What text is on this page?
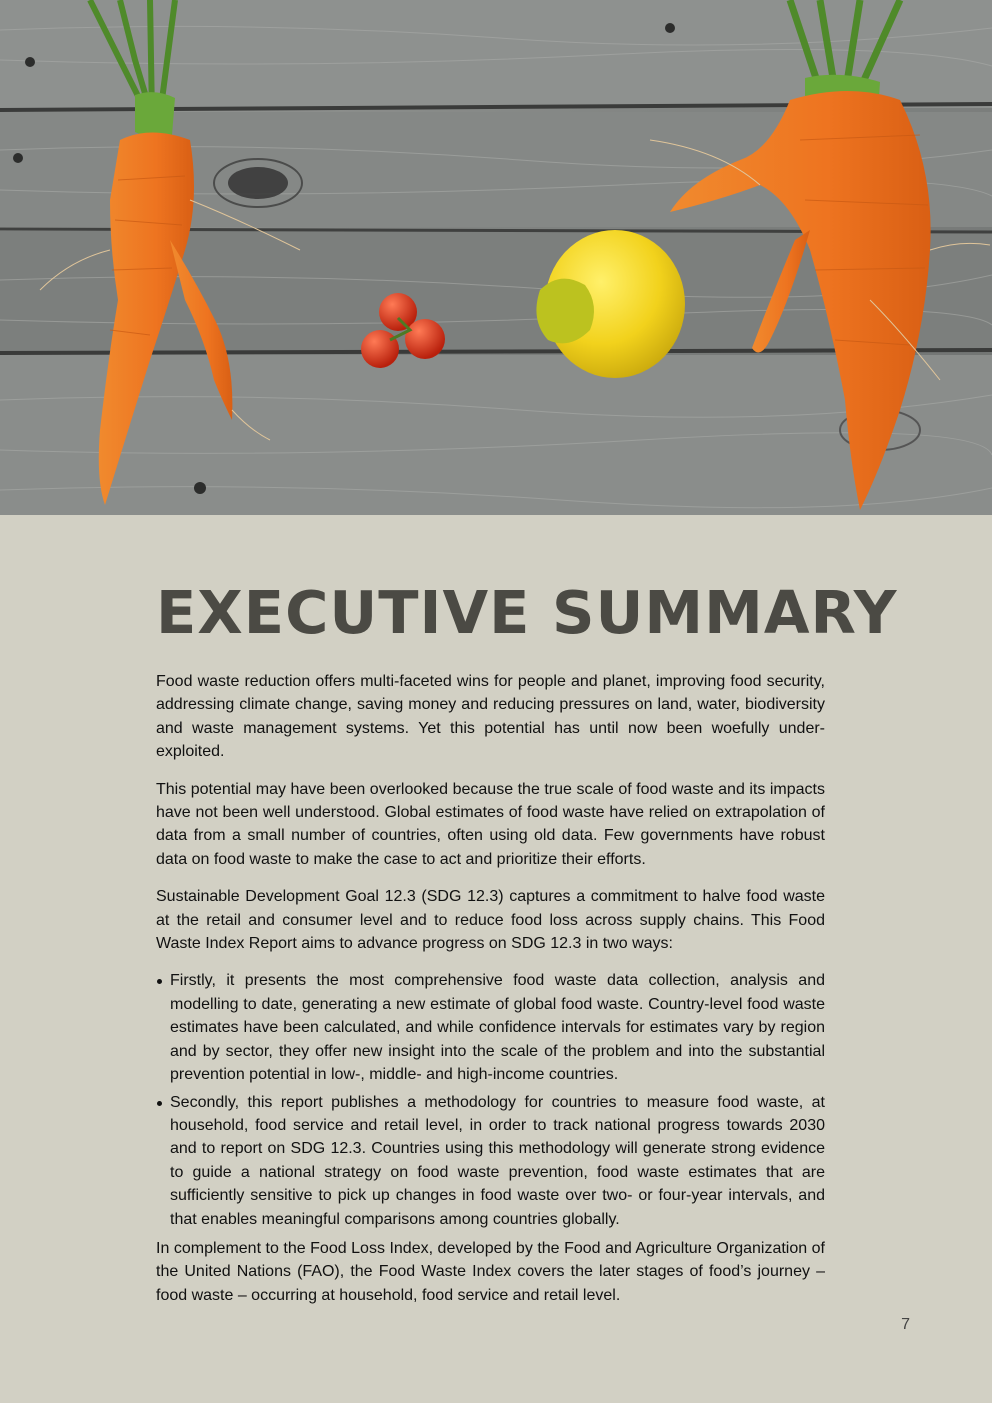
EXECUTIVE SUMMARY

Food waste reduction offers multi-faceted wins for people and planet, improving food security, addressing climate change, saving money and reducing pressures on land, water, biodiversity and waste management systems. Yet this potential has until now been woefully under-exploited.

This potential may have been overlooked because the true scale of food waste and its impacts have not been well understood. Global estimates of food waste have relied on extrapolation of data from a small number of countries, often using old data. Few governments have robust data on food waste to make the case to act and prioritize their efforts.

Sustainable Development Goal 12.3 (SDG 12.3) captures a commitment to halve food waste at the retail and consumer level and to reduce food loss across supply chains. This Food Waste Index Report aims to advance progress on SDG 12.3 in two ways:

Firstly, it presents the most comprehensive food waste data collection, analysis and modelling to date, generating a new estimate of global food waste. Country-level food waste estimates have been calculated, and while confidence intervals for estimates vary by region and by sector, they offer new insight into the scale of the problem and into the substantial prevention potential in low-, middle- and high-income countries.
Secondly, this report publishes a methodology for countries to measure food waste, at household, food service and retail level, in order to track national progress towards 2030 and to report on SDG 12.3. Countries using this methodology will generate strong evidence to guide a national strategy on food waste prevention, food waste estimates that are sufficiently sensitive to pick up changes in food waste over two- or four-year intervals, and that enables meaningful comparisons among countries globally.

In complement to the Food Loss Index, developed by the Food and Agriculture Organization of the United Nations (FAO), the Food Waste Index covers the later stages of food’s journey – food waste – occurring at household, food service and retail level.

7
